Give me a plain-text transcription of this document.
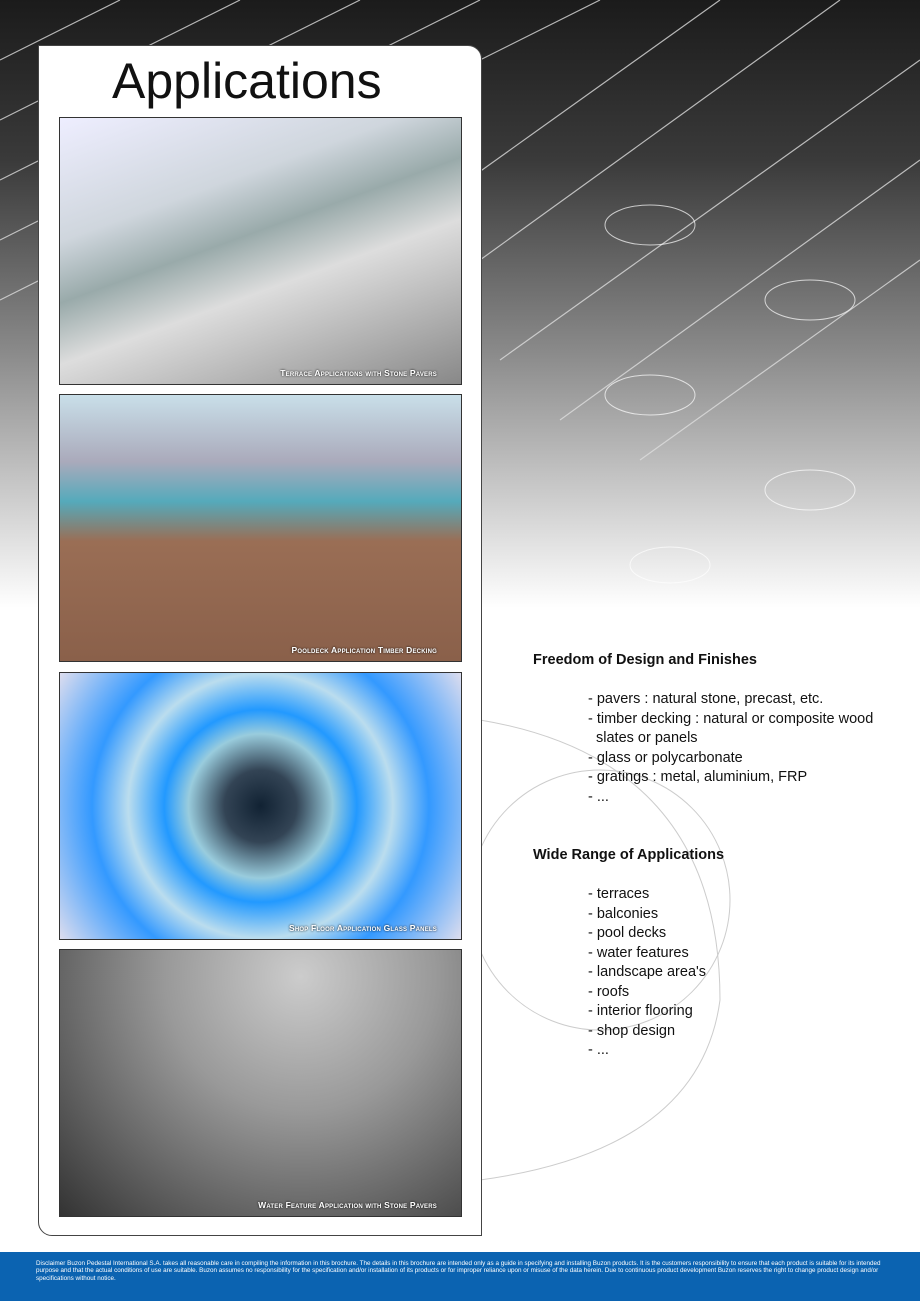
Applications
Terrace Applications with Stone Pavers
Pooldeck Application Timber Decking
Shop Floor Application Glass Panels
Water Feature Application with Stone Pavers
Freedom of Design and Finishes
- pavers : natural stone, precast, etc.
- timber decking : natural or composite wood
slates or panels
- glass or polycarbonate
- gratings : metal, aluminium, FRP
- ...
Wide Range of Applications
- terraces
- balconies
- pool decks
- water features
- landscape area's
- roofs
- interior flooring
- shop design
- ...
Disclaimer Buzon Pedestal International S.A. takes all reasonable care in compiling the information in this brochure. The details in this brochure are intended only as a guide in specifying and installing Buzon products. It is the customers responsibility to ensure that each product is suitable for its intended purpose and that the actual conditions of use are suitable. Buzon assumes no responsibility for the specification and/or installation of its products or for improper reliance upon or misuse of the data herein. Due to continuous product development Buzon reserves the right to change product design and/or specifications without notice.
